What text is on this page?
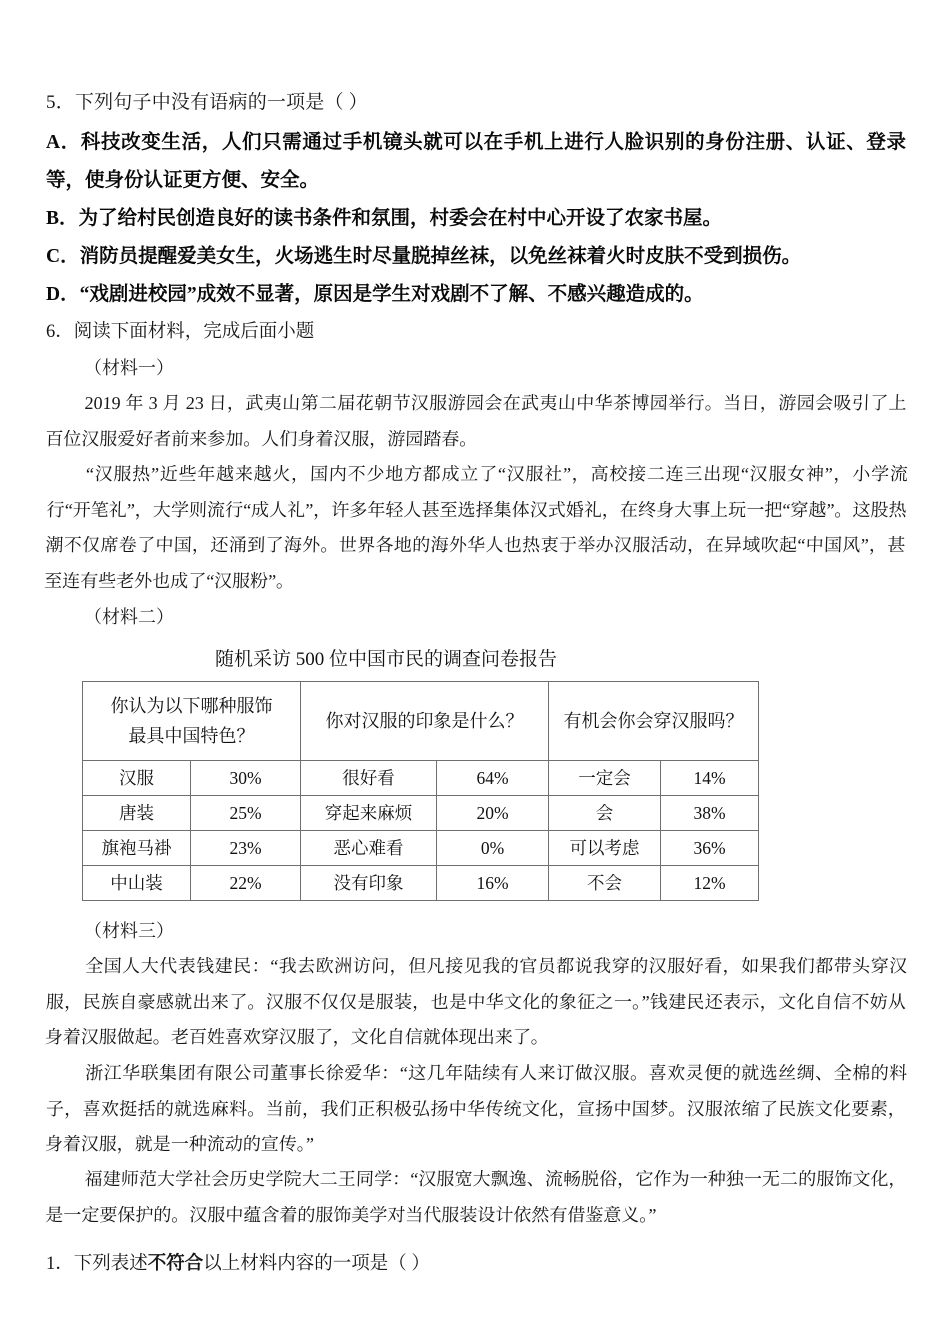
5．下列句子中没有语病的一项是（ ）

A．科技改变生活，人们只需通过手机镜头就可以在手机上进行人脸识别的身份注册、认证、登录等，使身份认证更方便、安全。

B．为了给村民创造良好的读书条件和氛围，村委会在村中心开设了农家书屋。

C．消防员提醒爱美女生，火场逃生时尽量脱掉丝袜，以免丝袜着火时皮肤不受到损伤。

D．“戏剧进校园”成效不显著，原因是学生对戏剧不了解、不感兴趣造成的。

6．阅读下面材料，完成后面小题

（材料一）

2019 年 3 月 23 日，武夷山第二届花朝节汉服游园会在武夷山中华茶博园举行。当日，游园会吸引了上百位汉服爱好者前来参加。人们身着汉服，游园踏春。

“汉服热”近些年越来越火，国内不少地方都成立了“汉服社”，高校接二连三出现“汉服女神”，小学流行“开笔礼”，大学则流行“成人礼”，许多年轻人甚至选择集体汉式婚礼，在终身大事上玩一把“穿越”。这股热潮不仅席卷了中国，还涌到了海外。世界各地的海外华人也热衷于举办汉服活动，在异域吹起“中国风”，甚至连有些老外也成了“汉服粉”。

（材料二）

随机采访 500 位中国市民的调查问卷报告

你认为以下哪种服饰
最具中国特色？		你对汉服的印象是什么？		有机会你会穿汉服吗？	
汉服	30%	很好看	64%	一定会	14%
唐装	25%	穿起来麻烦	20%	会	38%
旗袍马褂	23%	恶心难看	0%	可以考虑	36%
中山装	22%	没有印象	16%	不会	12%

（材料三）

全国人大代表钱建民：“我去欧洲访问，但凡接见我的官员都说我穿的汉服好看，如果我们都带头穿汉服，民族自豪感就出来了。汉服不仅仅是服装，也是中华文化的象征之一。”钱建民还表示，文化自信不妨从身着汉服做起。老百姓喜欢穿汉服了，文化自信就体现出来了。

浙江华联集团有限公司董事长徐爱华：“这几年陆续有人来订做汉服。喜欢灵便的就选丝绸、全棉的料子，喜欢挺括的就选麻料。当前，我们正积极弘扬中华传统文化，宣扬中国梦。汉服浓缩了民族文化要素，身着汉服，就是一种流动的宣传。”

福建师范大学社会历史学院大二王同学：“汉服宽大飘逸、流畅脱俗，它作为一种独一无二的服饰文化，是一定要保护的。汉服中蕴含着的服饰美学对当代服装设计依然有借鉴意义。”

1．下列表述不符合以上材料内容的一项是（ ）
